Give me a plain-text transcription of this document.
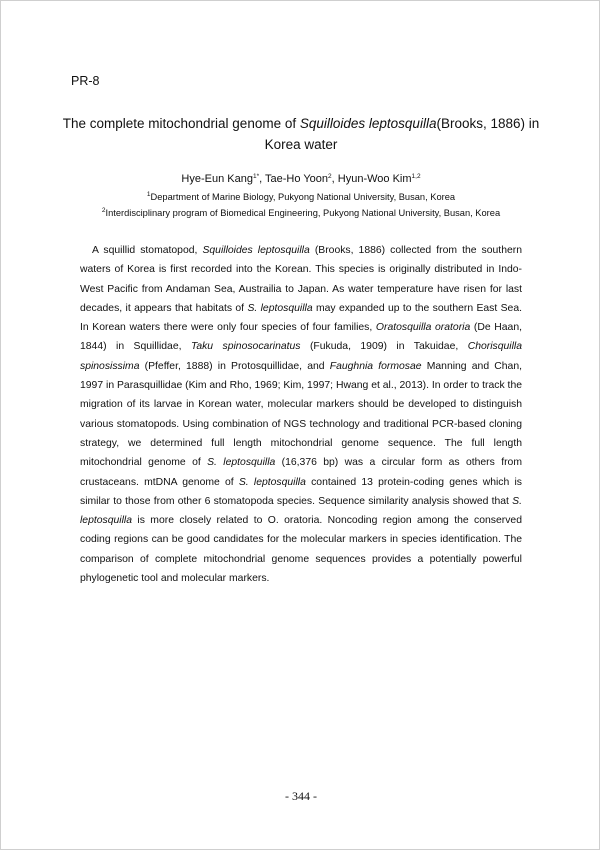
PR-8
The complete mitochondrial genome of Squilloides leptosquilla(Brooks, 1886) in
Korea water
Hye-Eun Kang$^{1*}$, Tae-Ho Yoon$^2$, Hyun-Woo Kim$^{1,2}$
$^1$Department of Marine Biology, Pukyong National University, Busan, Korea
$^2$Interdisciplinary program of Biomedical Engineering, Pukyong National University, Busan, Korea
A squillid stomatopod, Squilloides leptosquilla (Brooks, 1886) collected from the southern waters of Korea is first recorded into the Korean. This species is originally distributed in Indo-West Pacific from Andaman Sea, Austrailia to Japan. As water temperature have risen for last decades, it appears that habitats of S. leptosquilla may expanded up to the southern East Sea. In Korean waters there were only four species of four families, Oratosquilla oratoria (De Haan, 1844) in Squillidae, Taku spinosocarinatus (Fukuda, 1909) in Takuidae, Chorisquilla spinosissima (Pfeffer, 1888) in Protosquillidae, and Faughnia formosae Manning and Chan, 1997 in Parasquillidae (Kim and Rho, 1969; Kim, 1997; Hwang et al., 2013). In order to track the migration of its larvae in Korean water, molecular markers should be developed to distinguish various stomatopods. Using combination of NGS technology and traditional PCR-based cloning strategy, we determined full length mitochondrial genome sequence. The full length mitochondrial genome of S. leptosquilla (16,376 bp) was a circular form as others from crustaceans. mtDNA genome of S. leptosquilla contained 13 protein-coding genes which is similar to those from other 6 stomatopoda species. Sequence similarity analysis showed that S. leptosquilla is more closely related to O. oratoria. Noncoding region among the conserved coding regions can be good candidates for the molecular markers in species identification. The comparison of complete mitochondrial genome sequences provides a potentially powerful phylogenetic tool and molecular markers.
- 344 -
